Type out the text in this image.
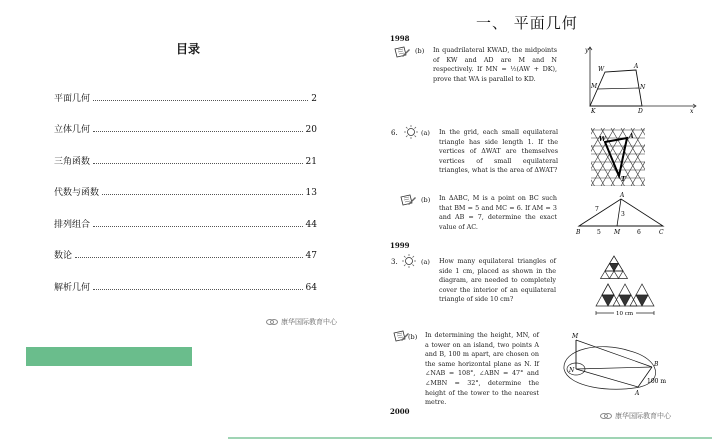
目录
平面几何	2
立体几何	20
三角函数	21
代数与函数	13
排列组合	44
数论	47
解析几何	64
康华国际教育中心
一、 平面几何
1998
1999
2000
(b) In quadrilateral KWAD, the midpoints of KW and AD are M and N respectively. If MN = ½(AW + DK), prove that WA is parallel to KD.
y
W	A
M	N
K	D	x
6.	(a) In the grid, each small equilateral triangle has side length 1. If the vertices of ΔWAT are themselves vertices of small equilateral triangles, what is the area of ΔWAT?
W	A
T
(b) In ΔABC, M is a point on BC such that BM = 5 and MC = 6. If AM = 3 and AB = 7, determine the exact value of AC.
A
7
3
B	5 M	6	C
3.	(a) How many equilateral triangles of side 1 cm, placed as shown in the diagram, are needed to completely cover the interior of an equilateral triangle of side 10 cm?
10 cm
(b) In determining the height, MN, of a tower on an island, two points A and B, 100 m apart, are chosen on the same horizontal plane as N. If ∠NAB = 108°, ∠ABN = 47° and ∠MBN = 32°, determine the height of the tower to the nearest metre.
M
N
B
A
100 m
康华国际教育中心
